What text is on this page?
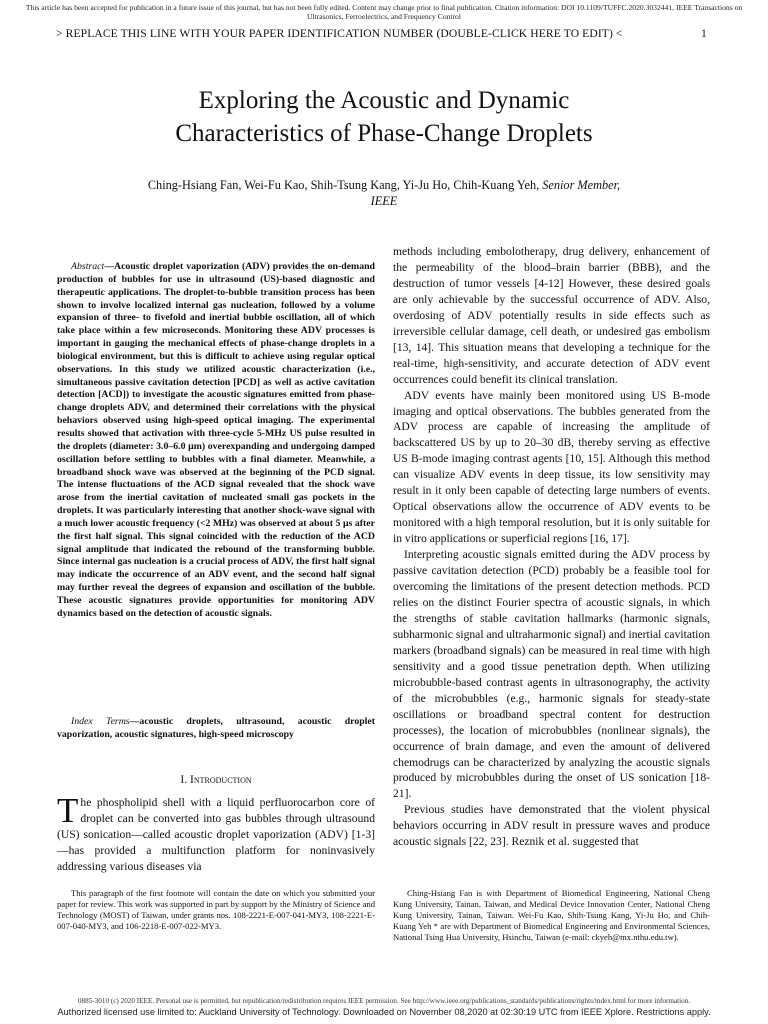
This article has been accepted for publication in a future issue of this journal, but has not been fully edited. Content may change prior to final publication. Citation information: DOI 10.1109/TUFFC.2020.3032441, IEEE Transactions on Ultrasonics, Ferroelectrics, and Frequency Control
> REPLACE THIS LINE WITH YOUR PAPER IDENTIFICATION NUMBER (DOUBLE-CLICK HERE TO EDIT) <	1
Exploring the Acoustic and Dynamic
Characteristics of Phase-Change Droplets
Ching-Hsiang Fan, Wei-Fu Kao, Shih-Tsung Kang, Yi-Ju Ho, Chih-Kuang Yeh, Senior Member,
IEEE

Abstract—Acoustic droplet vaporization (ADV) provides the on-demand production of bubbles for use in ultrasound (US)-based diagnostic and therapeutic applications. The droplet-to-bubble transition process has been shown to involve localized internal gas nucleation, followed by a volume expansion of three- to fivefold and inertial bubble oscillation, all of which take place within a few microseconds. Monitoring these ADV processes is important in gauging the mechanical effects of phase-change droplets in a biological environment, but this is difficult to achieve using regular optical observations. In this study we utilized acoustic characterization (i.e., simultaneous passive cavitation detection [PCD] as well as active cavitation detection [ACD]) to investigate the acoustic signatures emitted from phase-change droplets ADV, and determined their correlations with the physical behaviors observed using high-speed optical imaging. The experimental results showed that activation with three-cycle 5-MHz US pulse resulted in the droplets (diameter: 3.0–6.0 μm) overexpanding and undergoing damped oscillation before settling to bubbles with a final diameter. Meanwhile, a broadband shock wave was observed at the beginning of the PCD signal. The intense fluctuations of the ACD signal revealed that the shock wave arose from the inertial cavitation of nucleated small gas pockets in the droplets. It was particularly interesting that another shock-wave signal with a much lower acoustic frequency (<2 MHz) was observed at about 5 μs after the first half signal. This signal coincided with the reduction of the ACD signal amplitude that indicated the rebound of the transforming bubble. Since internal gas nucleation is a crucial process of ADV, the first half signal may indicate the occurrence of an ADV event, and the second half signal may further reveal the degrees of expansion and oscillation of the bubble. These acoustic signatures provide opportunities for monitoring ADV dynamics based on the detection of acoustic signals.

Index Terms—acoustic droplets, ultrasound, acoustic droplet vaporization, acoustic signatures, high-speed microscopy

I. Introduction

The phospholipid shell with a liquid perfluorocarbon core of droplet can be converted into gas bubbles through ultrasound (US) sonication—called acoustic droplet vaporization (ADV) [1-3]—has provided a multifunction platform for noninvasively addressing various diseases via

methods including embolotherapy, drug delivery, enhancement of the permeability of the blood–brain barrier (BBB), and the destruction of tumor vessels [4-12] However, these desired goals are only achievable by the successful occurrence of ADV. Also, overdosing of ADV potentially results in side effects such as irreversible cellular damage, cell death, or undesired gas embolism [13, 14]. This situation means that developing a technique for the real-time, high-sensitivity, and accurate detection of ADV event occurrences could benefit its clinical translation.

ADV events have mainly been monitored using US B-mode imaging and optical observations. The bubbles generated from the ADV process are capable of increasing the amplitude of backscattered US by up to 20–30 dB, thereby serving as effective US B-mode imaging contrast agents [10, 15]. Although this method can visualize ADV events in deep tissue, its low sensitivity may result in it only been capable of detecting large numbers of events. Optical observations allow the occurrence of ADV events to be monitored with a high temporal resolution, but it is only suitable for in vitro applications or superficial regions [16, 17].

Interpreting acoustic signals emitted during the ADV process by passive cavitation detection (PCD) probably be a feasible tool for overcoming the limitations of the present detection methods. PCD relies on the distinct Fourier spectra of acoustic signals, in which the strengths of stable cavitation hallmarks (harmonic signals, subharmonic signal and ultraharmonic signal) and inertial cavitation markers (broadband signals) can be measured in real time with high sensitivity and a good tissue penetration depth. When utilizing microbubble-based contrast agents in ultrasonography, the activity of the microbubbles (e.g., harmonic signals for steady-state oscillations or broadband spectral content for destruction processes), the location of microbubbles (nonlinear signals), the occurrence of brain damage, and even the amount of delivered chemodrugs can be characterized by analyzing the acoustic signals produced by microbubbles during the onset of US sonication [18-21].

Previous studies have demonstrated that the violent physical behaviors occurring in ADV result in pressure waves and produce acoustic signals [22, 23]. Reznik et al. suggested that

This paragraph of the first footnote will contain the date on which you submitted your paper for review. This work was supported in part by support by the Ministry of Science and Technology (MOST) of Taiwan, under grants nos. 108-2221-E-007-041-MY3, 108-2221-E-007-040-MY3, and 106-2218-E-007-022-MY3.

Ching-Hsiang Fan is with Department of Biomedical Engineering, National Cheng Kung University, Tainan, Taiwan, and Medical Device Innovation Center, National Cheng Kung University, Tainan, Taiwan. Wei-Fu Kao, Shih-Tsung Kang, Yi-Ju Ho, and Chih-Kuang Yeh * are with Department of Biomedical Engineering and Environmental Sciences, National Tsing Hua University, Hsinchu, Taiwan (e-mail: ckyeh@mx.nthu.edu.tw).

0885-3010 (c) 2020 IEEE. Personal use is permitted, but republication/redistribution requires IEEE permission. See http://www.ieee.org/publications_standards/publications/rights/index.html for more information.
Authorized licensed use limited to: Auckland University of Technology. Downloaded on November 08,2020 at 02:30:19 UTC from IEEE Xplore. Restrictions apply.
